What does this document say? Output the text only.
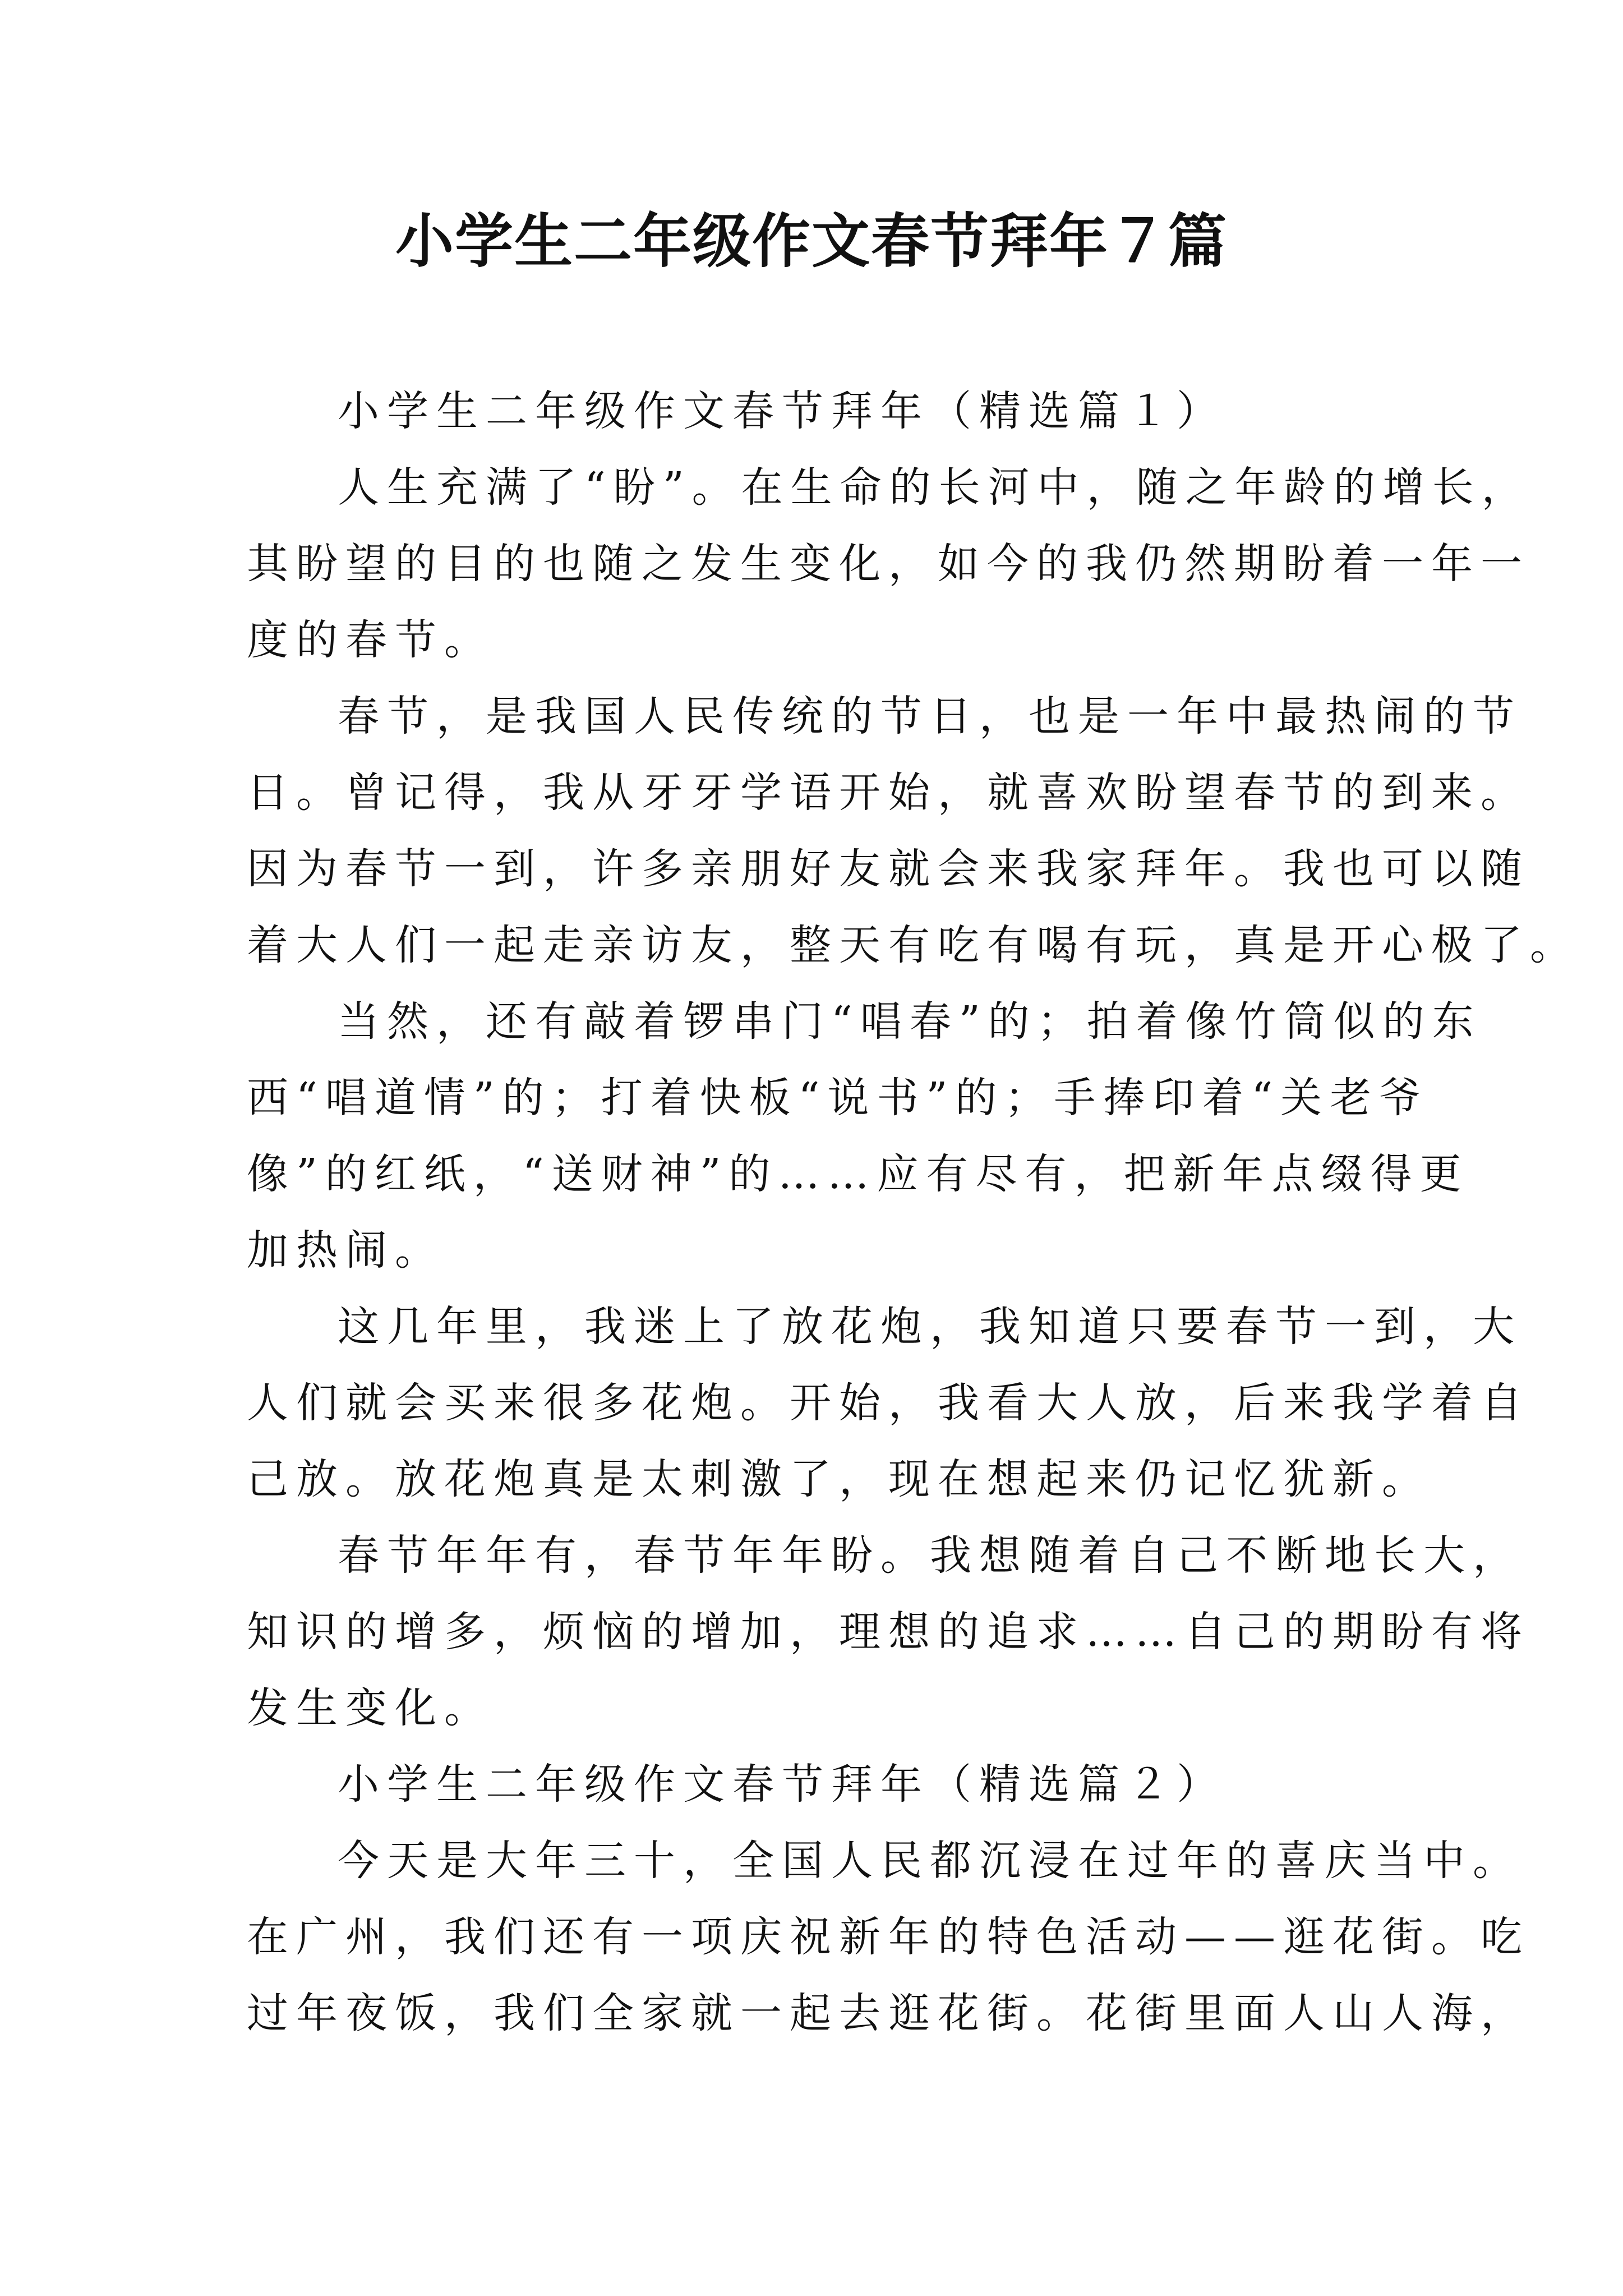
小学生二年级作文春节拜年７篇
小学生二年级作文春节拜年（精选篇１）
人生充满了“盼”。在生命的长河中，随之年龄的增长，
其盼望的目的也随之发生变化，如今的我仍然期盼着一年一
度的春节。
春节，是我国人民传统的节日，也是一年中最热闹的节
日。曾记得，我从牙牙学语开始，就喜欢盼望春节的到来。
因为春节一到，许多亲朋好友就会来我家拜年。我也可以随
着大人们一起走亲访友，整天有吃有喝有玩，真是开心极了。
当然，还有敲着锣串门“唱春”的；拍着像竹筒似的东
西“唱道情”的；打着快板“说书”的；手捧印着“关老爷
像”的红纸，“送财神”的……应有尽有，把新年点缀得更
加热闹。
这几年里，我迷上了放花炮，我知道只要春节一到，大
人们就会买来很多花炮。开始，我看大人放，后来我学着自
己放。放花炮真是太刺激了，现在想起来仍记忆犹新。
春节年年有，春节年年盼。我想随着自己不断地长大，
知识的增多，烦恼的增加，理想的追求……自己的期盼有将
发生变化。
小学生二年级作文春节拜年（精选篇２）
今天是大年三十，全国人民都沉浸在过年的喜庆当中。
在广州，我们还有一项庆祝新年的特色活动——逛花街。吃
过年夜饭，我们全家就一起去逛花街。花街里面人山人海，
